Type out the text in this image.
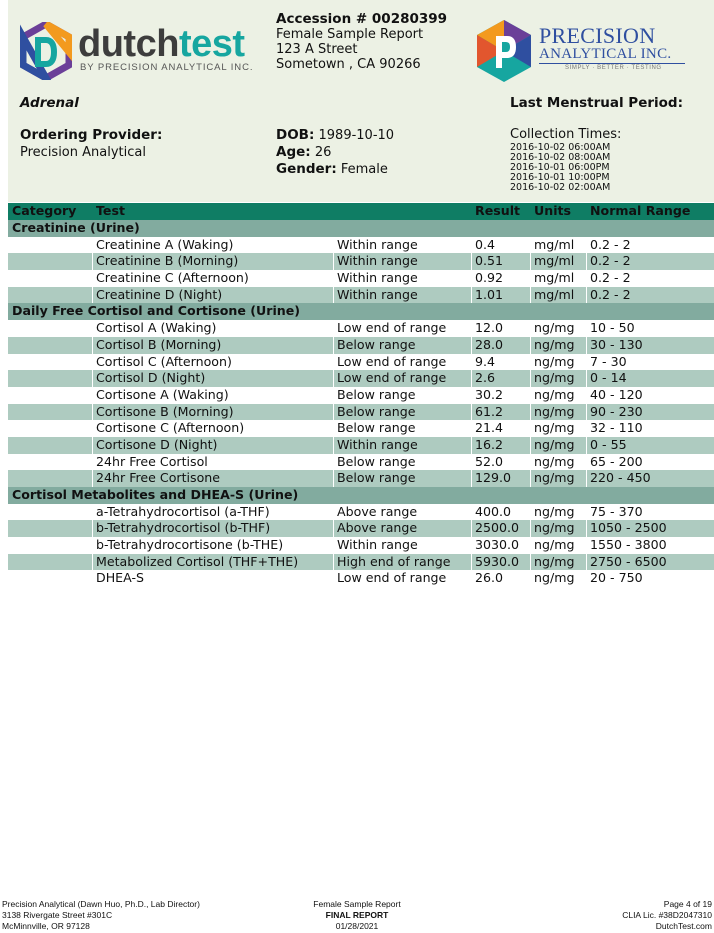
dutchtest
BY PRECISION ANALYTICAL INC.
Accession # 00280399
Female Sample Report
123 A Street
Sometown , CA 90266
PRECISION
ANALYTICAL INC.
SIMPLY · BETTER · TESTING
Adrenal	Last Menstrual Period:
Ordering Provider:
Precision Analytical
DOB: 1989-10-10
Age: 26
Gender: Female
Collection Times:
2016-10-02 06:00AM
2016-10-02 08:00AM
2016-10-01 06:00PM
2016-10-01 10:00PM
2016-10-02 02:00AM
Category Test	Result Units Normal Range
Creatinine (Urine)
Creatinine A (Waking)	Within range	0.4	mg/ml 0.2 - 2
Creatinine B (Morning)	Within range	0.51 mg/ml 0.2 - 2
Creatinine C (Afternoon)	Within range	0.92 mg/ml 0.2 - 2
Creatinine D (Night)	Within range	1.01 mg/ml 0.2 - 2
Daily Free Cortisol and Cortisone (Urine)
Cortisol A (Waking)	Low end of range 12.0 ng/mg 10 - 50
Cortisol B (Morning)	Below range	28.0 ng/mg 30 - 130
Cortisol C (Afternoon)	Low end of range 9.4	ng/mg 7 - 30
Cortisol D (Night)	Low end of range 2.6	ng/mg 0 - 14
Cortisone A (Waking)	Below range	30.2 ng/mg 40 - 120
Cortisone B (Morning)	Below range	61.2 ng/mg 90 - 230
Cortisone C (Afternoon)	Below range	21.4 ng/mg 32 - 110
Cortisone D (Night)	Within range	16.2 ng/mg 0 - 55
24hr Free Cortisol	Below range	52.0 ng/mg 65 - 200
24hr Free Cortisone	Below range	129.0 ng/mg 220 - 450
Cortisol Metabolites and DHEA-S (Urine)
a-Tetrahydrocortisol (a-THF)	Above range	400.0 ng/mg 75 - 370
b-Tetrahydrocortisol (b-THF)	Above range	2500.0 ng/mg 1050 - 2500
b-Tetrahydrocortisone (b-THE)	Within range	3030.0 ng/mg 1550 - 3800
Metabolized Cortisol (THF+THE)	High end of range 5930.0 ng/mg 2750 - 6500
DHEA-S	Low end of range 26.0 ng/mg 20 - 750
Precision Analytical (Dawn Huo, Ph.D., Lab Director)
3138 Rivergate Street #301C
McMinnville, OR 97128
Female Sample Report
FINAL REPORT
01/28/2021
Page 4 of 19
CLIA Lic. #38D2047310
DutchTest.com
